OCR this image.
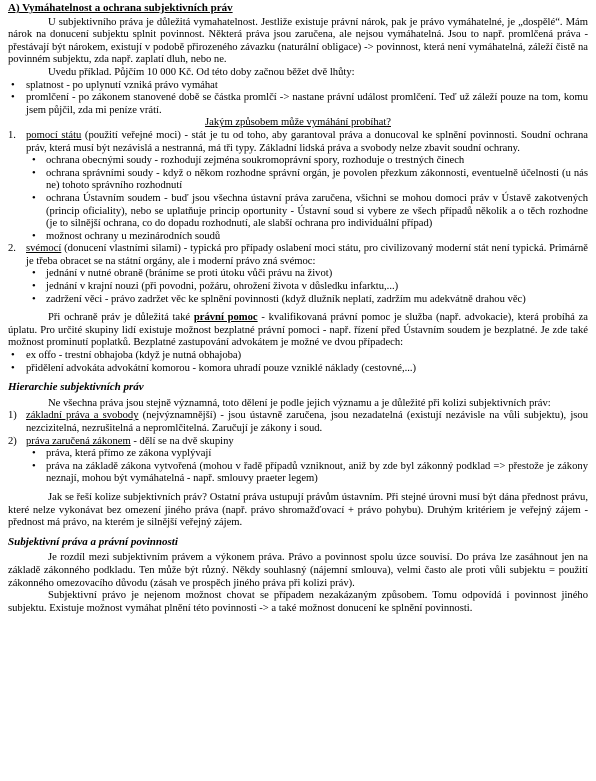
A) Vymáhatelnost a ochrana subjektivních práv

U subjektivního práva je důležitá vymahatelnost. Jestliže existuje právní nárok, pak je právo vymáhatelné, je „dospělé“. Mám nárok na donucení subjektu splnit povinnost. Některá práva jsou zaručena, ale nejsou vymáhatelná. Jsou to např. promlčená práva - přestávají být nárokem, existují v podobě přirozeného závazku (naturální obligace) -> povinnost, která není vymáhatelná, záleží čistě na povinném subjektu, zda např. zaplatí dluh, nebo ne.

Uvedu příklad. Půjčím 10 000 Kč. Od této doby začnou běžet dvě lhůty:

• splatnost - po uplynutí vzniká právo vymáhat
• promlčení - po zákonem stanovené době se částka promlčí -> nastane právní událost promlčení. Teď už záleží pouze na tom, komu jsem půjčil, zda mi peníze vrátí.

Jakým způsobem může vymáhání probíhat?

1. pomocí státu (použití veřejné moci) - stát je tu od toho, aby garantoval práva a donucoval ke splnění povinnosti. Soudní ochrana práv, která musí být nezávislá a nestranná, má tři typy. Základní lidská práva a svobody nelze zbavit soudní ochrany.
• ochrana obecnými soudy - rozhodují zejména soukromoprávní spory, rozhoduje o trestných činech
• ochrana správními soudy - když o někom rozhodne správní orgán, je povolen přezkum zákonnosti, eventuelně účelnosti (u nás ne) tohoto správního rozhodnutí
• ochrana Ústavním soudem - buď jsou všechna ústavní práva zaručena, všichni se mohou domoci práv v Ústavě zakotvených (princip oficiality), nebo se uplatňuje princip oportunity - Ústavní soud si vybere ze všech případů několik a o těch rozhodne (je to silnější ochrana, co do dopadu rozhodnutí, ale slabší ochrana pro individuální případ)
• možnost ochrany u mezinárodních soudů
2. svémocí (donucení vlastními silami) - typická pro případy oslabení moci státu, pro civilizovaný moderní stát není typická. Primárně je třeba obracet se na státní orgány, ale i moderní právo zná svémoc:
• jednání v nutné obraně (bráníme se proti útoku vůči právu na život)
• jednání v krajní nouzi (při povodni, požáru, ohrožení života v důsledku infarktu,...)
• zadržení věci - právo zadržet věc ke splnění povinnosti (když dlužník neplatí, zadržím mu adekvátně drahou věc)

Při ochraně práv je důležitá také právní pomoc - kvalifikovaná právní pomoc je služba (např. advokacie), která probíhá za úplatu. Pro určité skupiny lidí existuje možnost bezplatné právní pomoci - např. řízení před Ústavním soudem je bezplatné. Je zde také možnost prominutí poplatků. Bezplatné zastupování advokátem je možné ve dvou případech:

• ex offo - trestní obhajoba (když je nutná obhajoba)
• přidělení advokáta advokátní komorou - komora uhradí pouze vzniklé náklady (cestovné,...)
Hierarchie subjektivních práv

Ne všechna práva jsou stejně významná, toto dělení je podle jejich významu a je důležité při kolizi subjektivních práv:

1) základní práva a svobody (nejvýznamnější) - jsou ústavně zaručena, jsou nezadatelná (existují nezávisle na vůli subjektu), jsou nezcizitelná, nezrušitelná a nepromlčitelná. Zaručují je zákony i soud.
2) práva zaručená zákonem - dělí se na dvě skupiny
• práva, která přímo ze zákona vyplývají
• práva na základě zákona vytvořená (mohou v řadě případů vzniknout, aniž by zde byl zákonný podklad => přestože je zákony neznají, mohou být vymáhatelná - např. smlouvy praeter legem)

Jak se řeší kolize subjektivních práv? Ostatní práva ustupují právům ústavním. Při stejné úrovni musí být dána přednost právu, které nelze vykonávat bez omezení jiného práva (např. právo shromažďovací + právo pohybu). Druhým kritériem je veřejný zájem - přednost má právo, na kterém je silnější veřejný zájem.

Subjektivní práva a právní povinnosti

Je rozdíl mezi subjektivním právem a výkonem práva. Právo a povinnost spolu úzce souvisí. Do práva lze zasáhnout jen na základě zákonného podkladu. Ten může být různý. Někdy souhlasný (nájemní smlouva), velmi často ale proti vůli subjektu = použití zákonného omezovacího důvodu (zásah ve prospěch jiného práva při kolizi práv).

Subjektivní právo je nejenom možnost chovat se případem nezakázaným způsobem. Tomu odpovídá i povinnost jiného subjektu. Existuje možnost vymáhat plnění této povinnosti -> a také možnost donucení ke splnění povinnosti.
